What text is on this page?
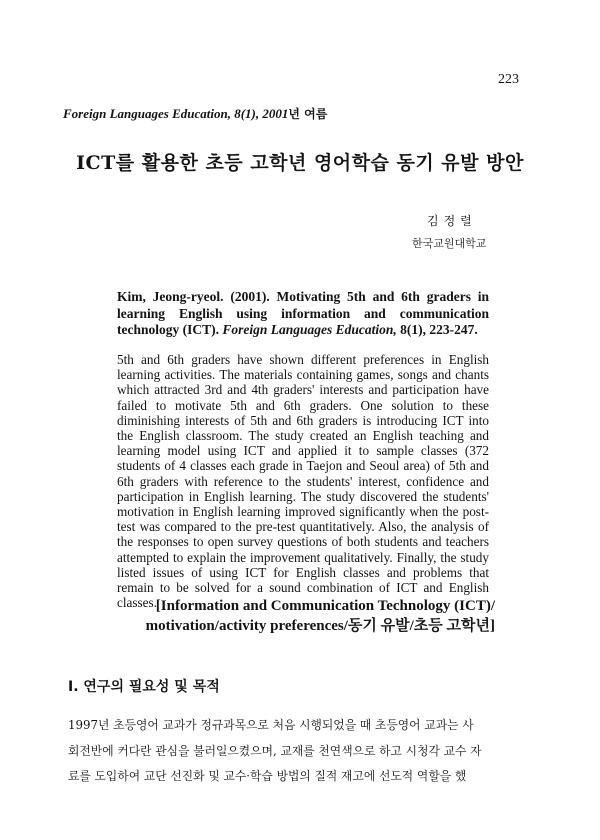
223
Foreign Languages Education, 8(1), 2001년 여름
ICT를 활용한 초등 고학년 영어학습 동기 유발 방안
김정렬
한국교원대학교
Kim, Jeong-ryeol. (2001). Motivating 5th and 6th graders in learning English using information and communication technology (ICT). Foreign Languages Education, 8(1), 223-247.
5th and 6th graders have shown different preferences in English learning activities. The materials containing games, songs and chants which attracted 3rd and 4th graders' interests and participation have failed to motivate 5th and 6th graders. One solution to these diminishing interests of 5th and 6th graders is introducing ICT into the English classroom. The study created an English teaching and learning model using ICT and applied it to sample classes (372 students of 4 classes each grade in Taejon and Seoul area) of 5th and 6th graders with reference to the students' interest, confidence and participation in English learning. The study discovered the students' motivation in English learning improved significantly when the post-test was compared to the pre-test quantitatively. Also, the analysis of the responses to open survey questions of both students and teachers attempted to explain the improvement qualitatively. Finally, the study listed issues of using ICT for English classes and problems that remain to be solved for a sound combination of ICT and English classes.
[Information and Communication Technology (ICT)/
motivation/activity preferences/동기 유발/초등 고학년]
I. 연구의 필요성 및 목적
1997년 초등영어 교과가 정규과목으로 처음 시행되었을 때 초등영어 교과는 사
회전반에 커다란 관심을 불러일으켰으며, 교재를 천연색으로 하고 시청각 교수 자
료를 도입하여 교단 선진화 및 교수·학습 방법의 질적 재고에 선도적 역할을 했
